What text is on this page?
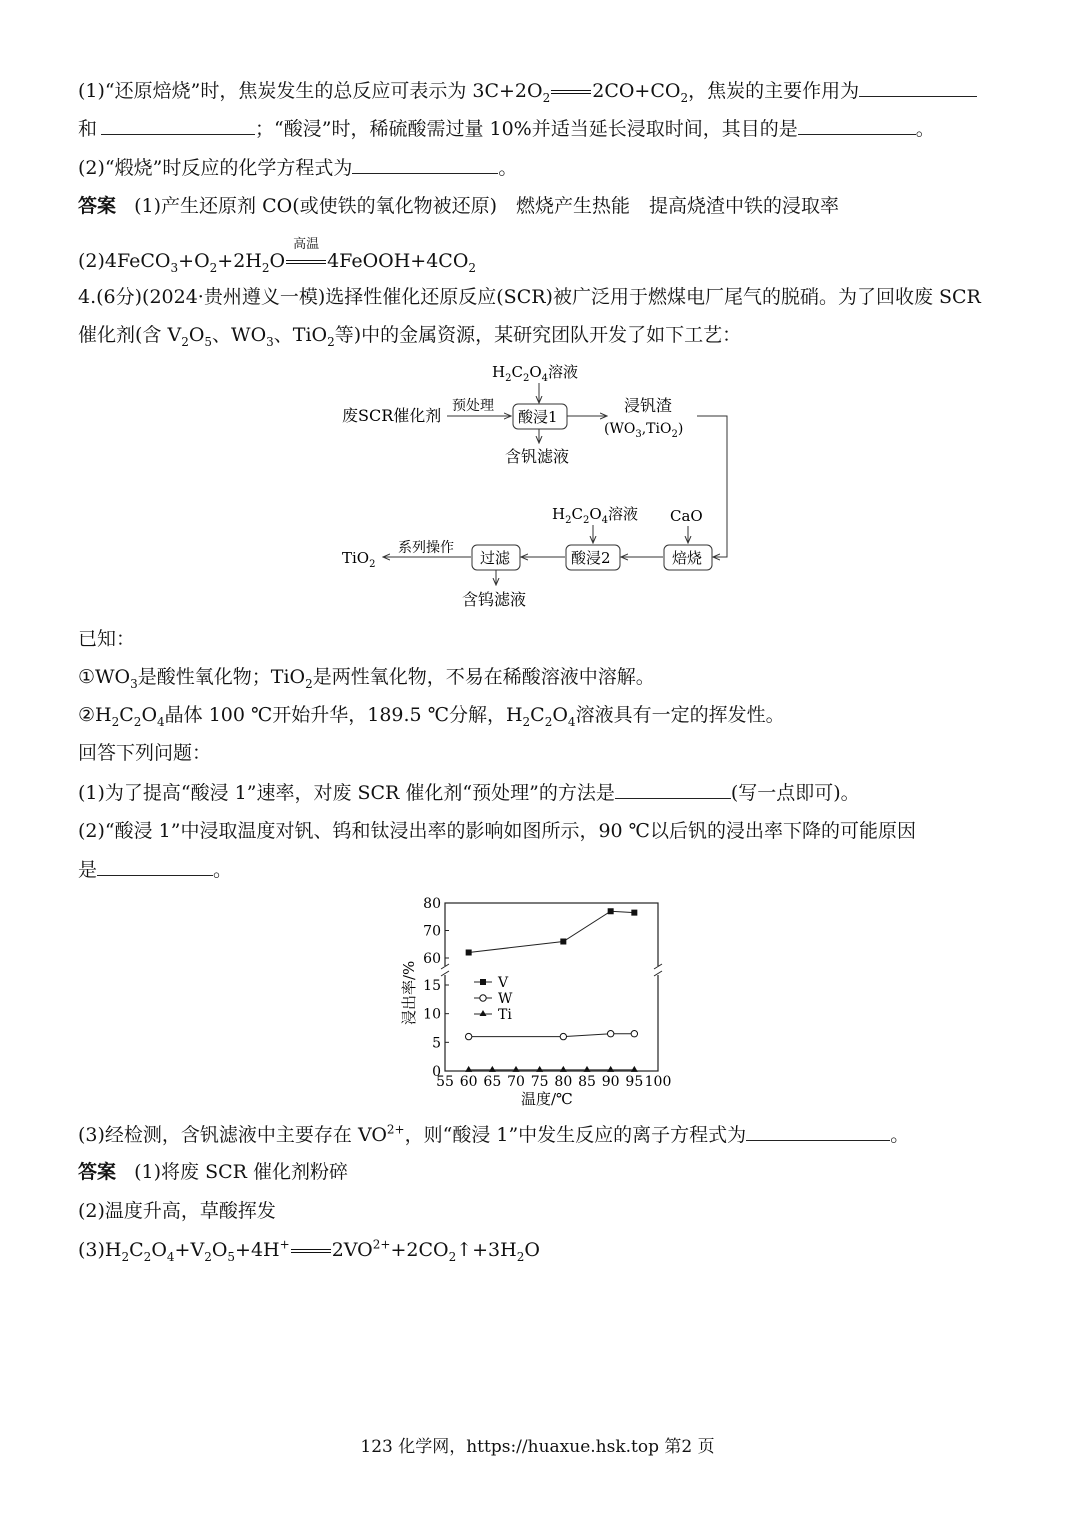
(1)“还原焙烧”时，焦炭发生的总反应可表示为 $3C+2O_2$ $2CO+CO_2$，焦炭的主要作用为
和	；“酸浸”时，稀硫酸需过量 10%并适当延长浸取时间，其目的是	。
(2)“煅烧”时反应的化学方程式为	。
答案 (1)产生还原剂 CO(或使铁的氧化物被还原)　燃烧产生热能　提高烧渣中铁的浸取率
$(2)4FeCO_3+O_2+2H_2O$
高温
$4FeOOH+4CO_2$
4.(6分)(2024·贵州遵义一模)选择性催化还原反应(SCR)被广泛用于燃煤电厂尾气的脱硝。为了回收废 SCR
催化剂(含 $V_2O_5$、$WO_3$、TiO$_2$等)中的金属资源，某研究团队开发了如下工艺：
$H_2C_2O_4$溶液
废SCR催化剂 预处理
酸浸1
浸钒渣
$(WO_3,TiO_2)$
含钒滤液
$H_2C_2O_4$溶液 CaO
焙烧
酸浸2
过滤
系列操作
TiO$_2$
含钨滤液
已知：
$①WO_3$是酸性氧化物；TiO$_2$是两性氧化物，不易在稀酸溶液中溶解。
$②H_2C_2O_4$晶体 100 ℃开始升华，189.5 ℃分解，$H_2C_2O_4$溶液具有一定的挥发性。
回答下列问题：
(1)为了提高“酸浸 1”速率，对废 SCR 催化剂“预处理”的方法是	(写一点即可)。
(2)“酸浸 1”中浸取温度对钒、钨和钛浸出率的影响如图所示，90 ℃以后钒的浸出率下降的可能原因
是	。
55 60 65 70 75 80 85 90 95 100
0
5
10
15
60
70
80
V
W
Ti
浸出率/%
温度/℃
(3)经检测，含钒滤液中主要存在 $VO^{2+}$，则“酸浸 1”中发生反应的离子方程式为	。
答案 (1)将废 SCR 催化剂粉碎
(2)温度升高，草酸挥发
$(3)H_2C_2O_4+V_2O_5+4H^+$ $2VO^{2+}+2CO_2↑+3H_2O$
123 化学网，https://huaxue.hsk.top 第2 页
